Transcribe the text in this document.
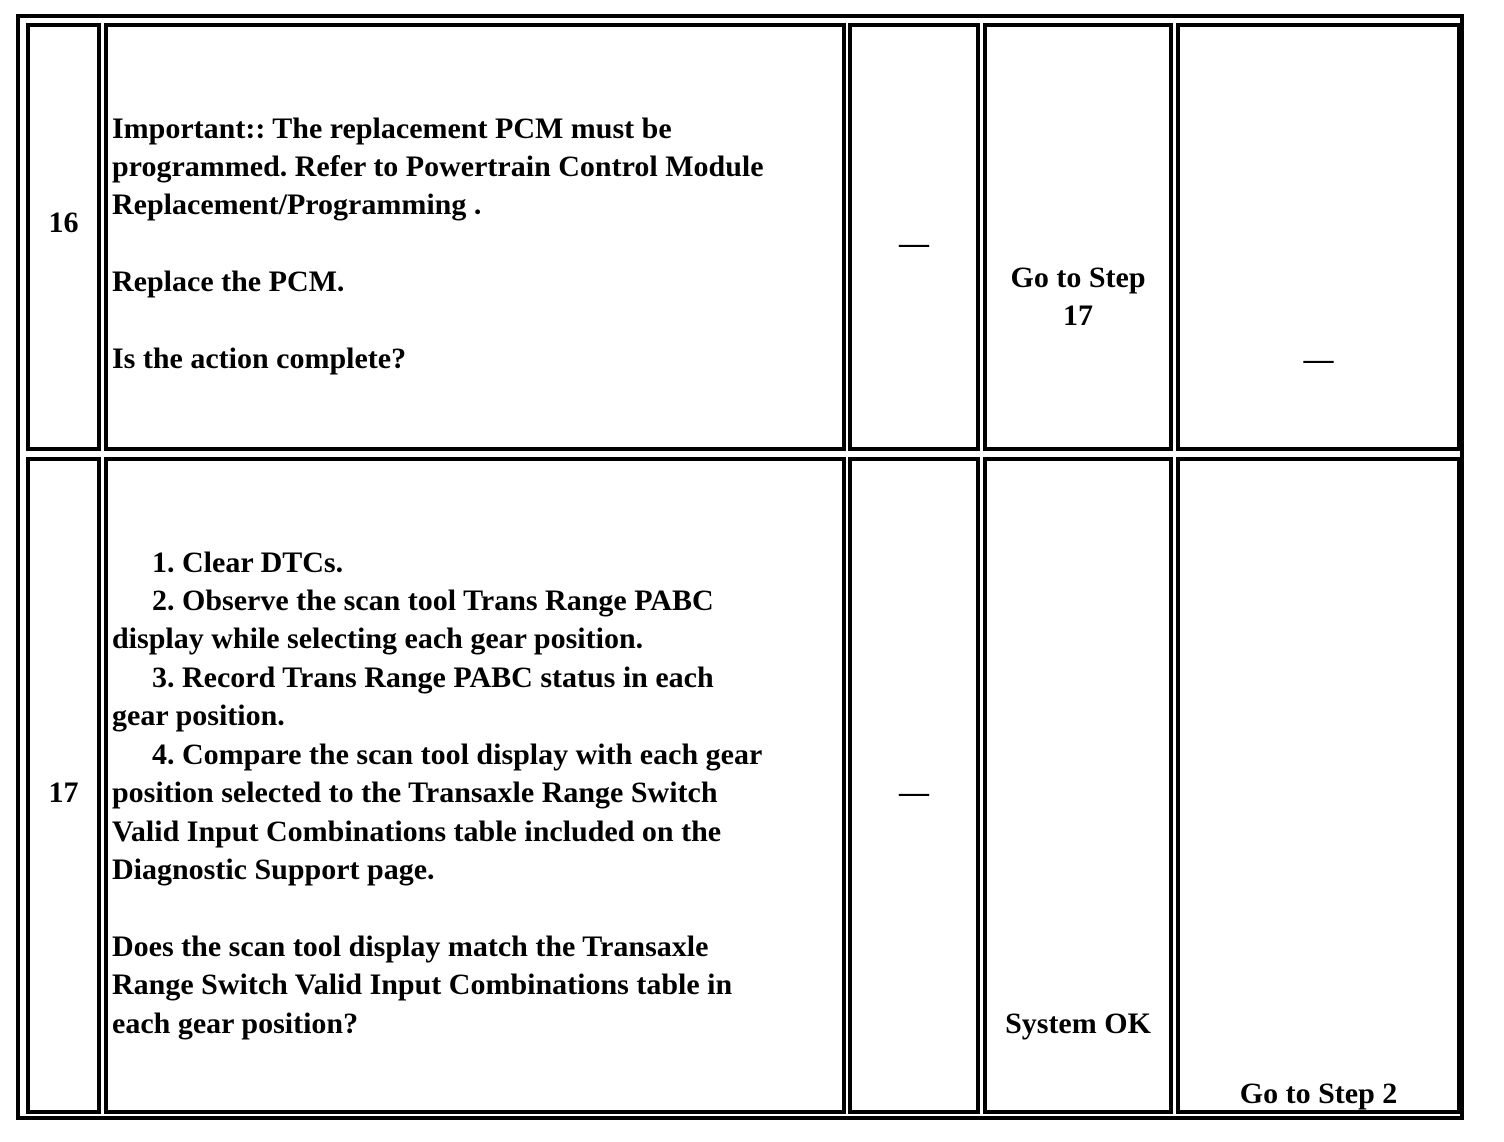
16
Important:: The replacement PCM must be
programmed. Refer to Powertrain Control Module
Replacement/Programming .
Replace the PCM.
Is the action complete?
—
Go to Step
17
—
17
1. Clear DTCs.
2. Observe the scan tool Trans Range PABC
display while selecting each gear position.
3. Record Trans Range PABC status in each
gear position.
4. Compare the scan tool display with each gear
position selected to the Transaxle Range Switch
Valid Input Combinations table included on the
Diagnostic Support page.
Does the scan tool display match the Transaxle
Range Switch Valid Input Combinations table in
each gear position?
—
System OK
Go to Step 2
